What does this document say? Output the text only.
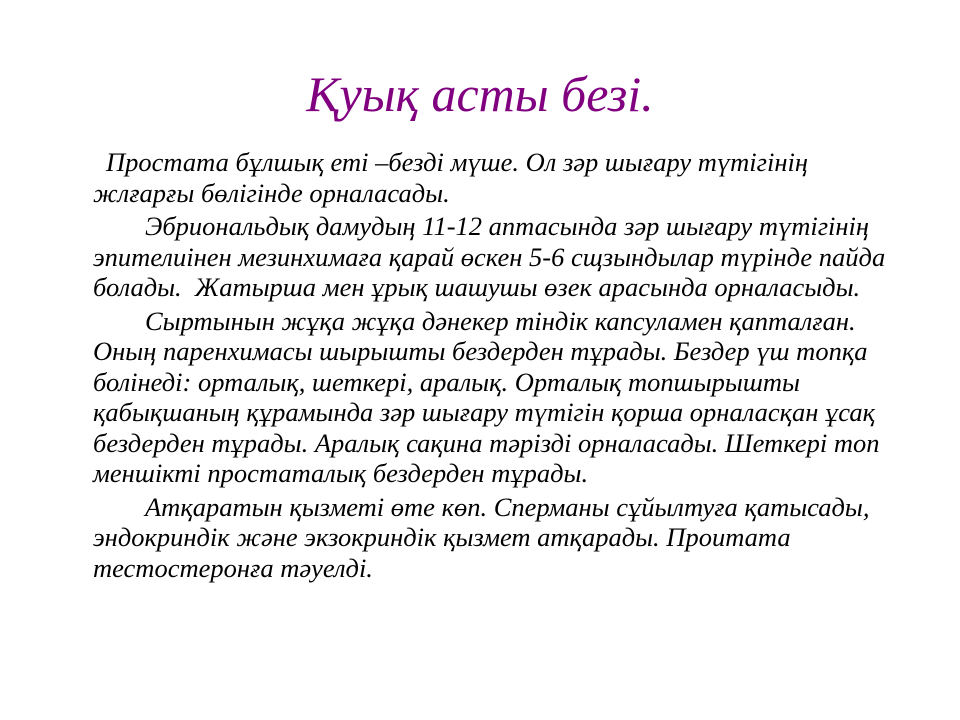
Қуық асты безі.

Простата бұлшық еті –безді мүше. Ол зәр шығару түтігінің жлғарғы бөлігінде орналасады.

Эбриональдық дамудың 11-12 аптасында зәр шығару түтігінің эпителиінен мезинхимаға қарай өскен 5-6 сщзындылар түрінде пайда болады.  Жатырша мен ұрық шашушы өзек арасында орналасыды.

Сыртынын жұқа жұқа дәнекер тіндік капсуламен қапталған. Оның паренхимасы шырышты бездерден тұрады. Бездер үш топқа болінеді: орталық, шеткері, аралық. Орталық топшырышты қабықшаның құрамында зәр шығару түтігін қорша орналасқан ұсақ бездерден тұрады. Аралық сақина тәрізді орналасады. Шеткері топ меншікті простаталық бездерден тұрады.

Атқаратын қызметі өте көп. Сперманы сұйылтуға қатысады, эндокриндік және экзокриндік қызмет атқарады. Проитата тестостеронға тәуелді.
